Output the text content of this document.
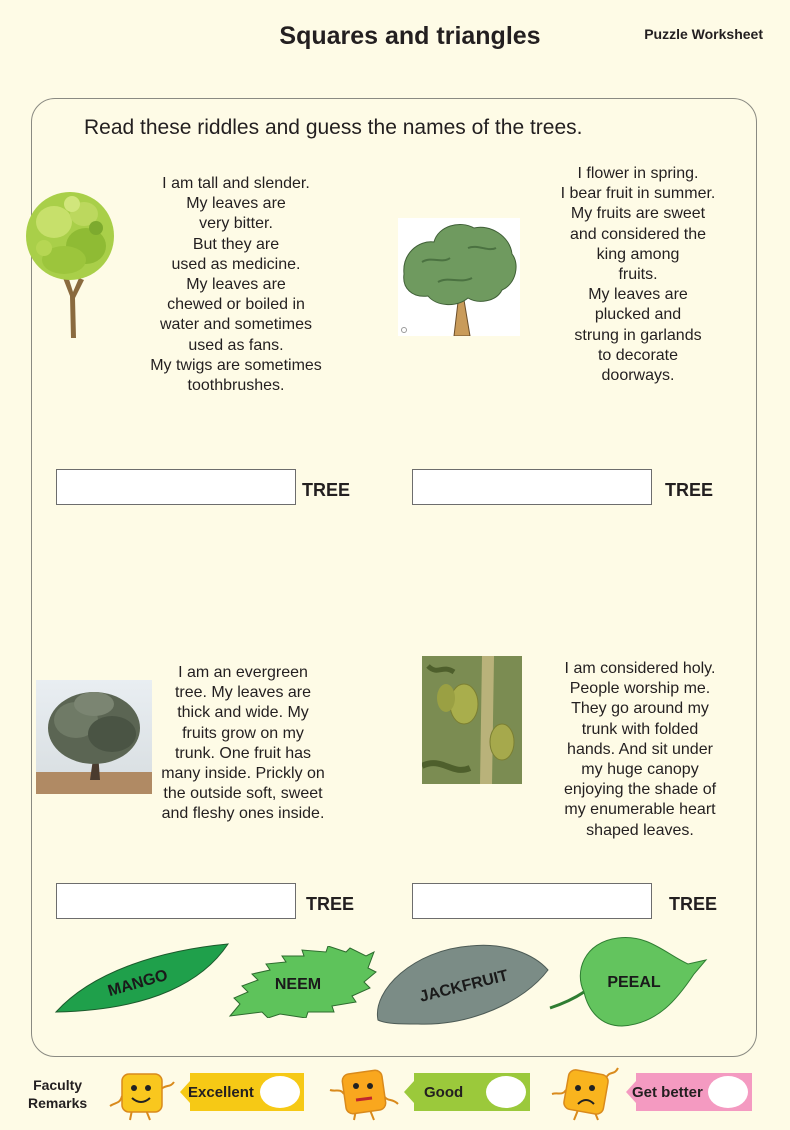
Squares and triangles	Puzzle Worksheet
Read these riddles and guess the names of the trees.
I am tall and slender.
My leaves are
very bitter.
But they are
used as medicine.
My leaves are
chewed or boiled in
water and sometimes
used as fans.
My twigs are sometimes
toothbrushes.
I flower in spring.
I bear fruit in summer.
My fruits are sweet
and considered the
king among
fruits.
My leaves are
plucked and
strung in garlands
to decorate
doorways.
TREE	TREE
I am an evergreen
tree. My leaves are
thick and wide. My
fruits grow on my
trunk. One fruit has
many inside. Prickly on
the outside soft, sweet
and fleshy ones inside.
I am considered holy.
People worship me.
They go around my
trunk with folded
hands. And sit under
my huge canopy
enjoying the shade of
my enumerable heart
shaped leaves.
TREE	TREE
MANGO	NEEM	JACKFRUIT	PEEAL
Faculty
Remarks
Excellent	Good	Get better
